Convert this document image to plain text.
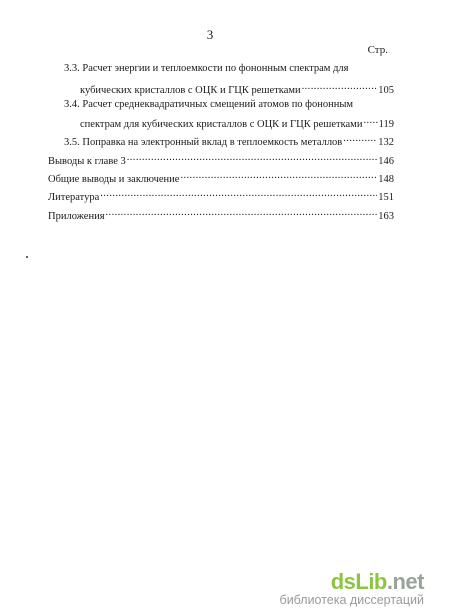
3
Стр.
3.3. Расчет энергии и теплоемкости по фононным спектрам для
кубических кристаллов с ОЦК и ГЦК решетками .....	105
3.4. Расчет среднеквадратичных смещений атомов по фононным
спектрам для кубических кристаллов с ОЦК и ГЦК решетками ..... 119
3.5. Поправка на электронный вклад в теплоемкость металлов .....	132
Выводы к главе 3 .....	146
Общие выводы и заключение .....	148
Литература .....	151
Приложения .....	163
dsLib.net
библиотека диссертаций
